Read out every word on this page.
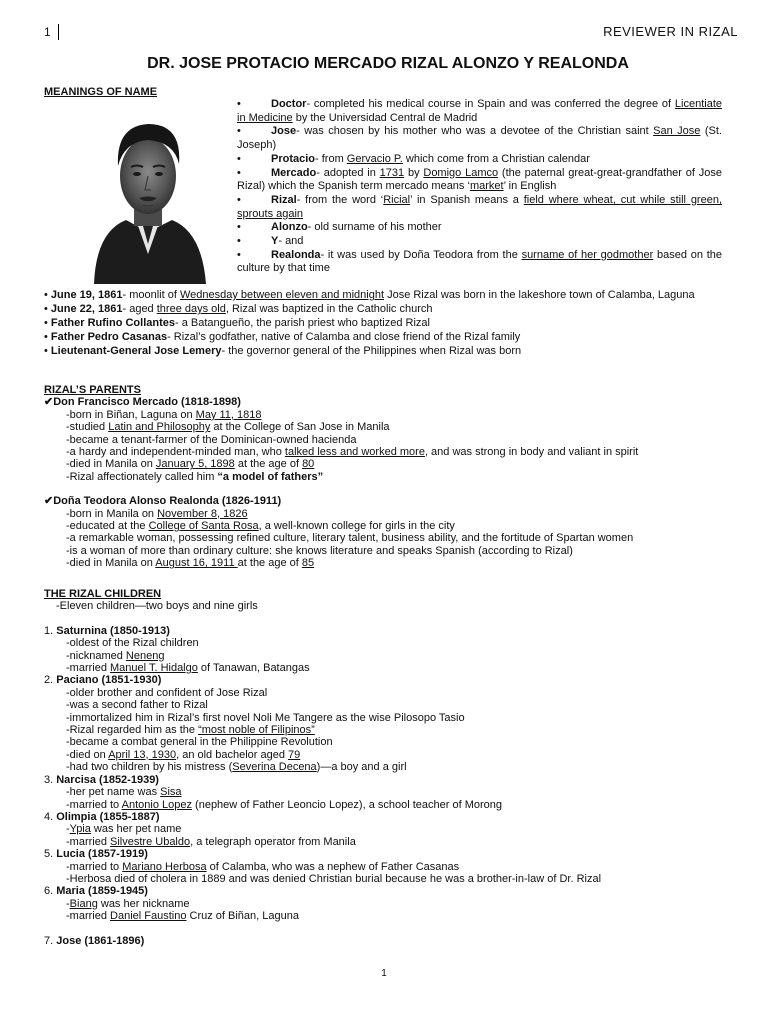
1	REVIEWER IN RIZAL
DR. JOSE PROTACIO MERCADO RIZAL ALONZO Y REALONDA
MEANINGS OF NAME
•	Doctor- completed his medical course in Spain and was conferred the degree of Licentiate in Medicine by the Universidad Central de Madrid
•	Jose- was chosen by his mother who was a devotee of the Christian saint San Jose (St. Joseph)
•	Protacio- from Gervacio P. which come from a Christian calendar
•	Mercado- adopted in 1731 by Domigo Lamco (the paternal great-great-grandfather of Jose Rizal) which the Spanish term mercado means ‘market’ in English
•	Rizal- from the word ‘Ricial’ in Spanish means a field where wheat, cut while still green, sprouts again
•	Alonzo- old surname of his mother
•	Y- and
•	Realonda- it was used by Doña Teodora from the surname of her godmother based on the culture by that time
• June 19, 1861- moonlit of Wednesday between eleven and midnight Jose Rizal was born in the lakeshore town of Calamba, Laguna
• June 22, 1861- aged three days old, Rizal was baptized in the Catholic church
• Father Rufino Collantes- a Batangueño, the parish priest who baptized Rizal
• Father Pedro Casanas- Rizal’s godfather, native of Calamba and close friend of the Rizal family
• Lieutenant-General Jose Lemery- the governor general of the Philippines when Rizal was born
RIZAL’S PARENTS
✔Don Francisco Mercado (1818-1898)
-born in Biñan, Laguna on May 11, 1818
-studied Latin and Philosophy at the College of San Jose in Manila
-became a tenant-farmer of the Dominican-owned hacienda
-a hardy and independent-minded man, who talked less and worked more, and was strong in body and valiant in spirit
-died in Manila on January 5, 1898 at the age of 80
-Rizal affectionately called him “a model of fathers”
✔Doña Teodora Alonso Realonda (1826-1911)
-born in Manila on November 8, 1826
-educated at the College of Santa Rosa, a well-known college for girls in the city
-a remarkable woman, possessing refined culture, literary talent, business ability, and the fortitude of Spartan women
-is a woman of more than ordinary culture: she knows literature and speaks Spanish (according to Rizal)
-died in Manila on August 16, 1911 at the age of 85
THE RIZAL CHILDREN
-Eleven children—two boys and nine girls
1. Saturnina (1850-1913)
-oldest of the Rizal children
-nicknamed Neneng
-married Manuel T. Hidalgo of Tanawan, Batangas
2. Paciano (1851-1930)
-older brother and confident of Jose Rizal
-was a second father to Rizal
-immortalized him in Rizal’s first novel Noli Me Tangere as the wise Pilosopo Tasio
-Rizal regarded him as the “most noble of Filipinos”
-became a combat general in the Philippine Revolution
-died on April 13, 1930, an old bachelor aged 79
-had two children by his mistress (Severina Decena)—a boy and a girl
3. Narcisa (1852-1939)
-her pet name was Sisa
-married to Antonio Lopez (nephew of Father Leoncio Lopez), a school teacher of Morong
4. Olimpia (1855-1887)
-Ypia was her pet name
-married Silvestre Ubaldo, a telegraph operator from Manila
5. Lucia (1857-1919)
-married to Mariano Herbosa of Calamba, who was a nephew of Father Casanas
-Herbosa died of cholera in 1889 and was denied Christian burial because he was a brother-in-law of Dr. Rizal
6. Maria (1859-1945)
-Biang was her nickname
-married Daniel Faustino Cruz of Biñan, Laguna
7. Jose (1861-1896)
1
